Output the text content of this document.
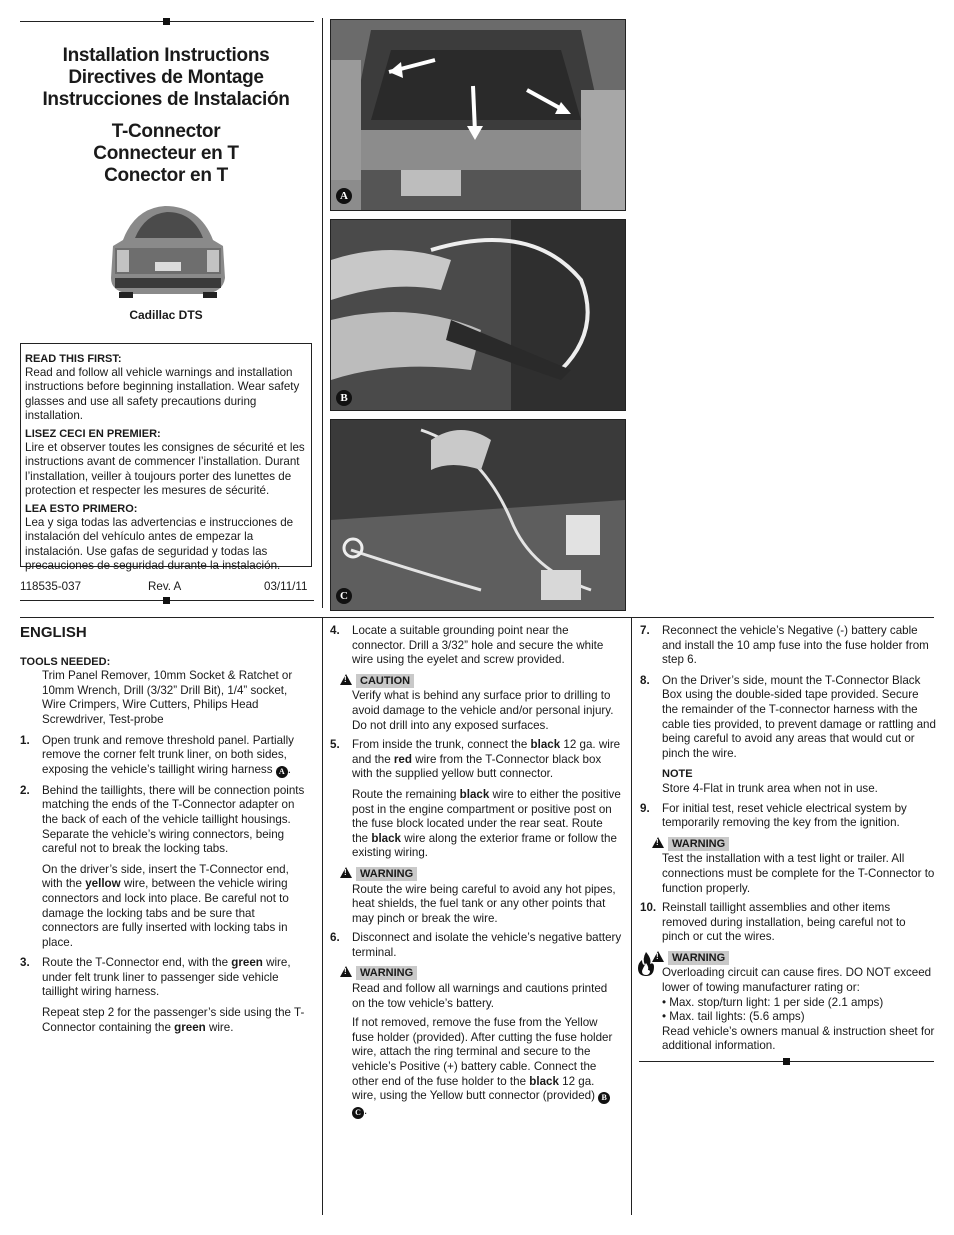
Installation Instructions
Directives de Montage
Instrucciones de Instalación
T-Connector
Connecteur en T
Conector en T
Cadillac DTS
READ THIS FIRST:

Read and follow all vehicle warnings and installation instructions before beginning installation. Wear safety glasses and use all safety precautions during installation.

LISEZ CECI EN PREMIER:

Lire et observer toutes les consignes de sécurité et les instructions avant de commencer l’installation. Durant l’installation, veiller à toujours porter des lunettes de protection et respecter les mesures de sécurité.

LEA ESTO PRIMERO:

Lea y siga todas las advertencias e instrucciones de instalación del vehículo antes de empezar la instalación. Use gafas de seguridad y todas las precauciones de seguridad durante la instalación.

118535-037	Rev. A	03/11/11
A
B
C
ENGLISH
TOOLS NEEDED:

Trim Panel Remover, 10mm Socket & Ratchet or 10mm Wrench, Drill (3/32” Drill Bit), 1/4” socket, Wire Crimpers, Wire Cutters, Philips Head Screwdriver, Test-probe

1. Open trunk and remove threshold panel. Partially remove the corner felt trunk liner, on both sides, exposing the vehicle’s taillight wiring harness A .
2. Behind the taillights, there will be connection points matching the ends of the T-Connector adapter on the back of each of the vehicle taillight housings. Separate the vehicle’s wiring connectors, being careful not to break the locking tabs.
On the driver’s side, insert the T-Connector end, with the yellow wire, between the vehicle wiring connectors and lock into place. Be careful not to damage the locking tabs and be sure that connectors are fully inserted with locking tabs in place.
3. Route the T-Connector end, with the green wire, under felt trunk liner to passenger side vehicle taillight wiring harness.
Repeat step 2 for the passenger’s side using the T-Connector containing the green wire.
4. Locate a suitable grounding point near the connector. Drill a 3/32” hole and secure the white wire using the eyelet and screw provided.
!CAUTION

Verify what is behind any surface prior to drilling to avoid damage to the vehicle and/or personal injury. Do not drill into any exposed surfaces.

5. From inside the trunk, connect the black 12 ga. wire and the red wire from the T-Connector black box with the supplied yellow butt connector.
Route the remaining black wire to either the positive post in the engine compartment or positive post on the fuse block located under the rear seat. Route the black wire along the exterior frame or follow the existing wiring.
!WARNING

Route the wire being careful to avoid any hot pipes, heat shields, the fuel tank or any other points that may pinch or break the wire.

6. Disconnect and isolate the vehicle’s negative battery terminal.
!WARNING

Read and follow all warnings and cautions printed on the tow vehicle’s battery.

If not removed, remove the fuse from the Yellow fuse holder (provided). After cutting the fuse holder wire, attach the ring terminal and secure to the vehicle’s Positive (+) battery cable. Connect the other end of the fuse holder to the black 12 ga. wire, using the Yellow butt connector (provided) BC .
7. Reconnect the vehicle’s Negative (-) battery cable and install the 10 amp fuse into the fuse holder from step 6.
8. On the Driver’s side, mount the T-Connector Black Box using the double-sided tape provided. Secure the remainder of the T-connector harness with the cable ties provided, to prevent damage or rattling and being careful to avoid any areas that would cut or pinch the wire.
NOTE

Store 4-Flat in trunk area when not in use.

9. For initial test, reset vehicle electrical system by temporarily removing the key from the ignition.
!WARNING

Test the installation with a test light or trailer. All connections must be complete for the T-Connector to function properly.

10. Reinstall taillight assemblies and other items removed during installation, being careful not to pinch or cut the wires.
!WARNING
Overloading circuit can cause fires. DO NOT exceed lower of towing manufacturer rating or:
• Max. stop/turn light: 1 per side (2.1 amps)
• Max. tail lights: (5.6 amps)
Read vehicle’s owners manual & instruction sheet for additional information.
